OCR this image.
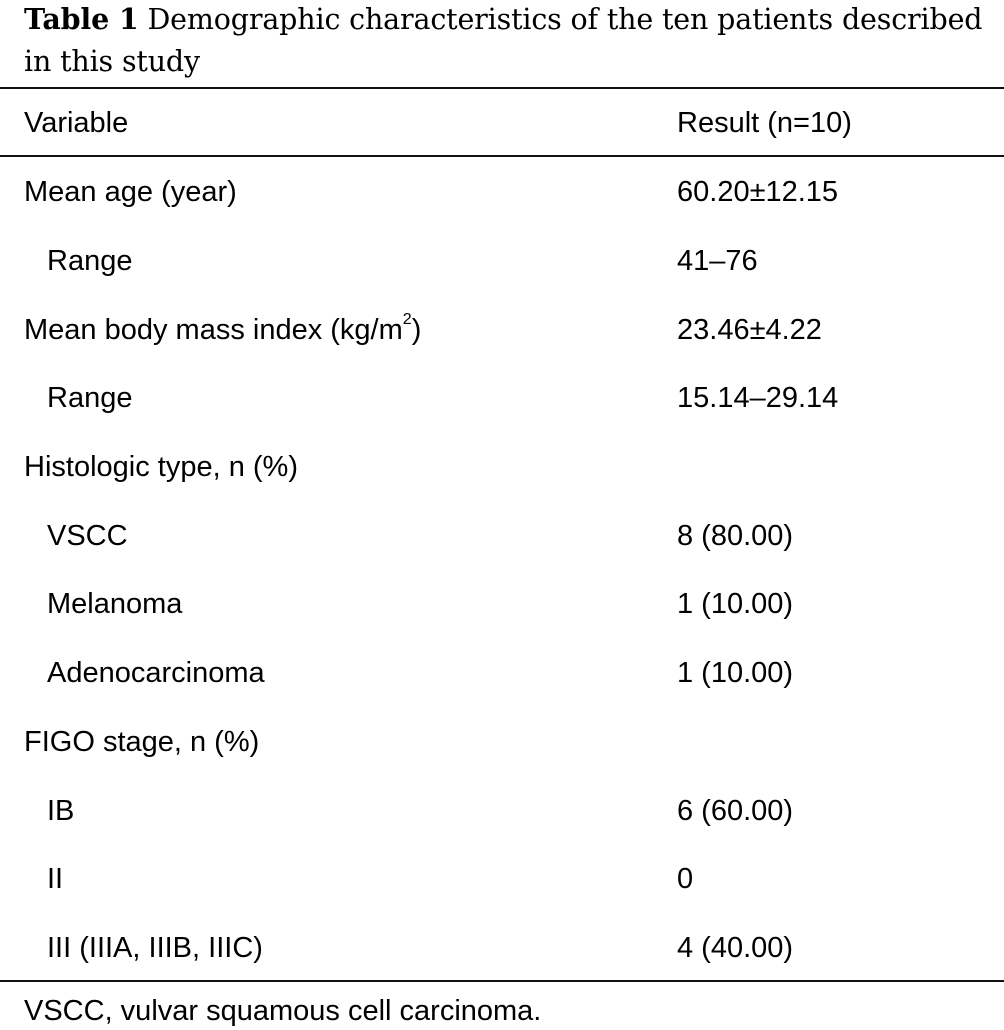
Table 1 Demographic characteristics of the ten patients described in this study
Variable	Result (n=10)
Mean age (year)	60.20±12.15
Range	41–76
Mean body mass index $(kg/m^2)$	23.46±4.22
Range	15.14–29.14
Histologic type, n (%)
VSCC	8 (80.00)
Melanoma	1 (10.00)
Adenocarcinoma	1 (10.00)
FIGO stage, n (%)
IB	6 (60.00)
II	0
III (IIIA, IIIB, IIIC)	4 (40.00)
VSCC, vulvar squamous cell carcinoma.
